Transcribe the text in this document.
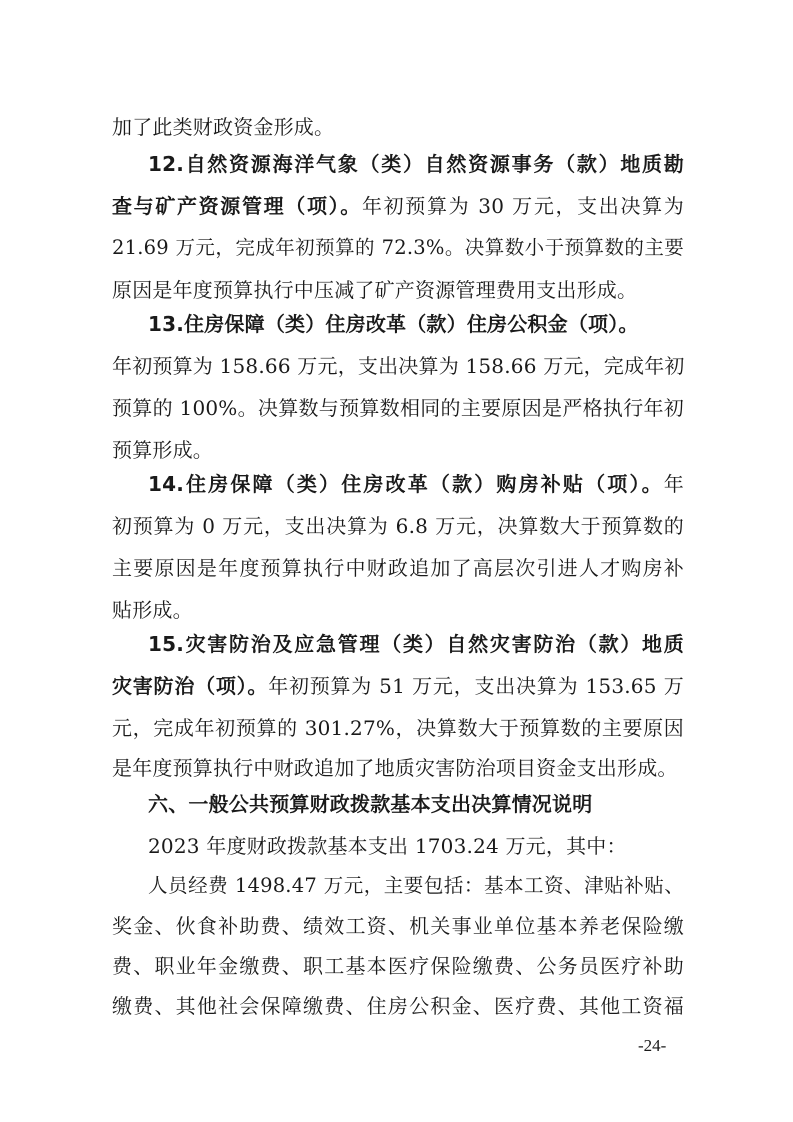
加了此类财政资金形成。
12.自然资源海洋气象（类）自然资源事务（款）地质勘
查与矿产资源管理（项）。年初预算为 30 万元，支出决算为
21.69 万元，完成年初预算的 72.3%。决算数小于预算数的主要
原因是年度预算执行中压减了矿产资源管理费用支出形成。
13.住房保障（类）住房改革（款）住房公积金（项）。
年初预算为 158.66 万元，支出决算为 158.66 万元，完成年初
预算的 100%。决算数与预算数相同的主要原因是严格执行年初
预算形成。
14.住房保障（类）住房改革（款）购房补贴（项）。年
初预算为 0 万元，支出决算为 6.8 万元，决算数大于预算数的
主要原因是年度预算执行中财政追加了高层次引进人才购房补
贴形成。
15.灾害防治及应急管理（类）自然灾害防治（款）地质
灾害防治（项）。年初预算为 51 万元，支出决算为 153.65 万
元，完成年初预算的 301.27%，决算数大于预算数的主要原因
是年度预算执行中财政追加了地质灾害防治项目资金支出形成。
六、一般公共预算财政拨款基本支出决算情况说明
2023 年度财政拨款基本支出 1703.24 万元，其中：
人员经费 1498.47 万元，主要包括：基本工资、津贴补贴、
奖金、伙食补助费、绩效工资、机关事业单位基本养老保险缴
费、职业年金缴费、职工基本医疗保险缴费、公务员医疗补助
缴费、其他社会保障缴费、住房公积金、医疗费、其他工资福
-24-
